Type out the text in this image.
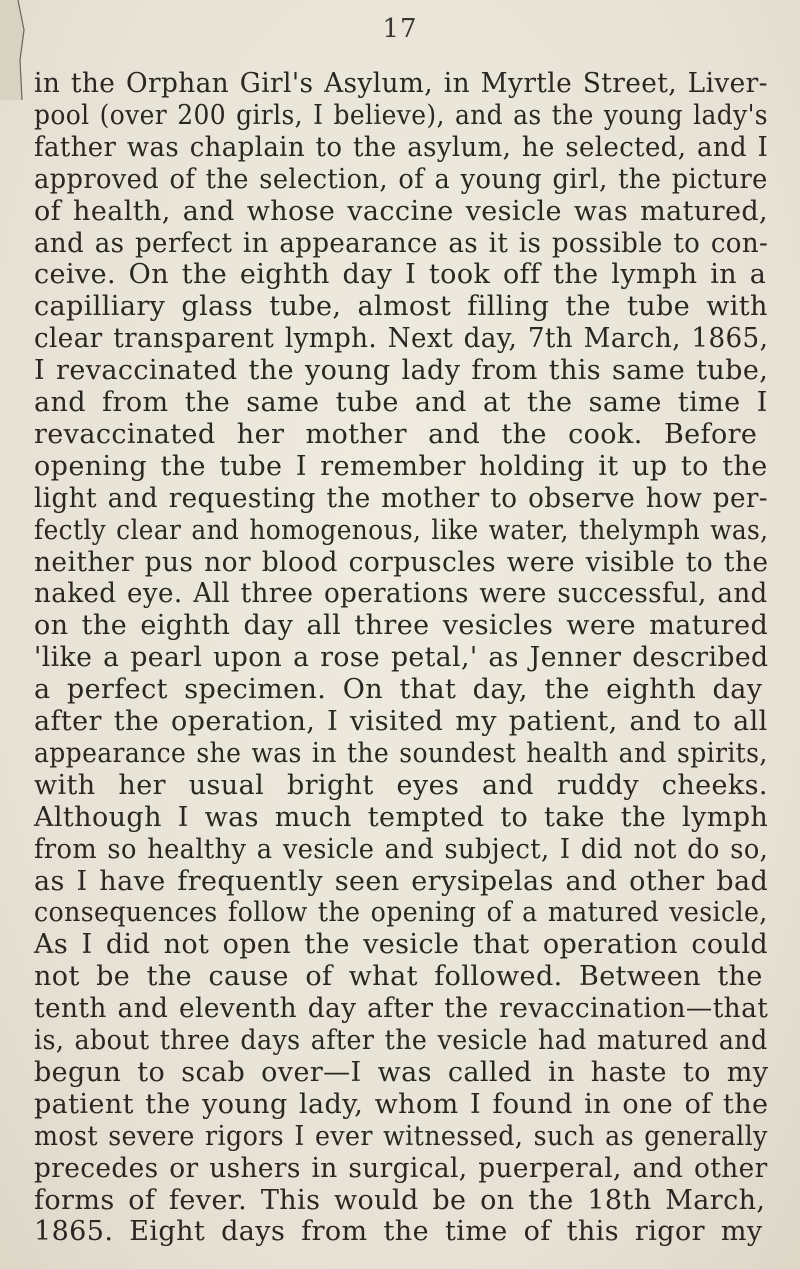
17
in the Orphan Girl's Asylum, in Myrtle Street, Liver-
pool (over 200 girls, I believe), and as the young lady's
father was chaplain to the asylum, he selected, and I
approved of the selection, of a young girl, the picture
of health, and whose vaccine vesicle was matured,
and as perfect in appearance as it is possible to con-
ceive. On the eighth day I took off the lymph in a
capilliary glass tube, almost filling the tube with
clear transparent lymph. Next day, 7th March, 1865,
I revaccinated the young lady from this same tube,
and from the same tube and at the same time I
revaccinated her mother and the cook. Before
opening the tube I remember holding it up to the
light and requesting the mother to observe how per-
fectly clear and homogenous, like water, thelymph was,
neither pus nor blood corpuscles were visible to the
naked eye. All three operations were successful, and
on the eighth day all three vesicles were matured
'like a pearl upon a rose petal,' as Jenner described
a perfect specimen. On that day, the eighth day
after the operation, I visited my patient, and to all
appearance she was in the soundest health and spirits,
with her usual bright eyes and ruddy cheeks.
Although I was much tempted to take the lymph
from so healthy a vesicle and subject, I did not do so,
as I have frequently seen erysipelas and other bad
consequences follow the opening of a matured vesicle,
As I did not open the vesicle that operation could
not be the cause of what followed. Between the
tenth and eleventh day after the revaccination—that
is, about three days after the vesicle had matured and
begun to scab over—I was called in haste to my
patient the young lady, whom I found in one of the
most severe rigors I ever witnessed, such as generally
precedes or ushers in surgical, puerperal, and other
forms of fever. This would be on the 18th March,
1865. Eight days from the time of this rigor my
